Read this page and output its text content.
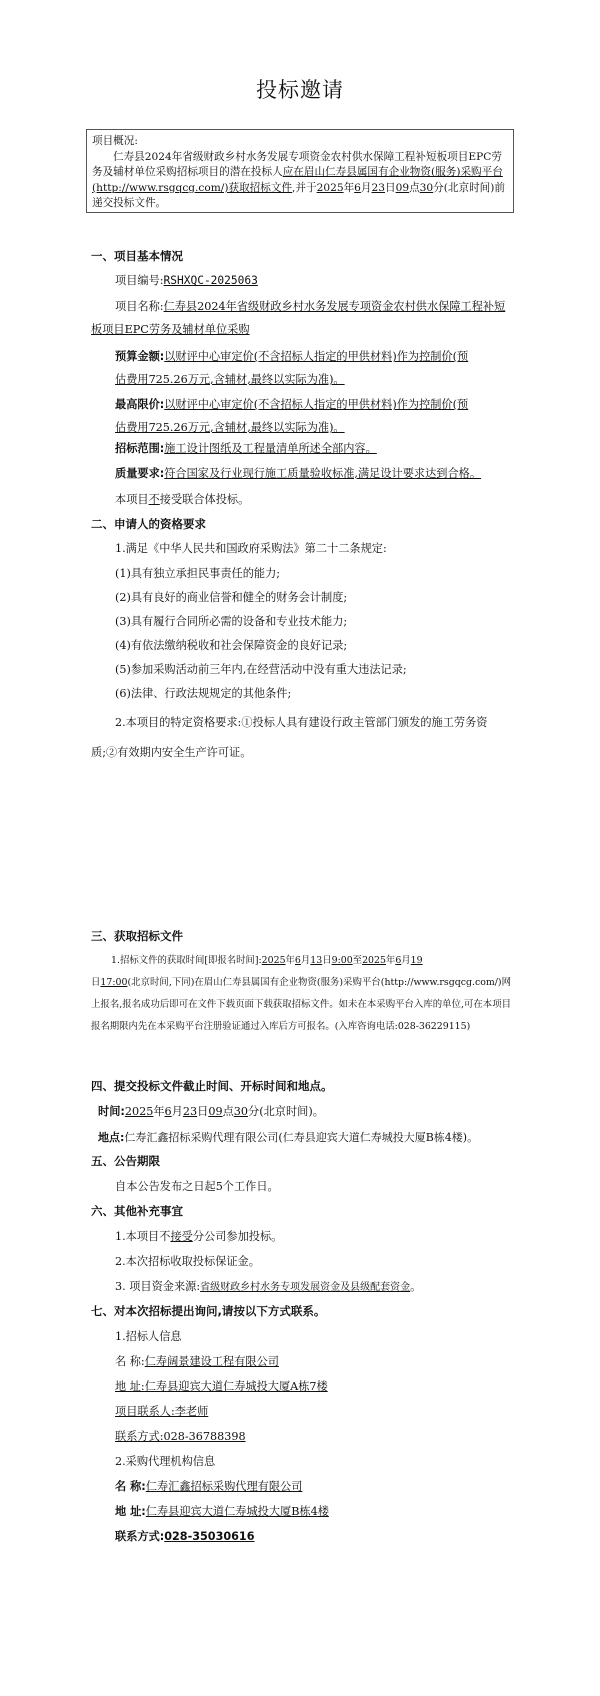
投标邀请
项目概况:
仁寿县2024年省级财政乡村水务发展专项资金农村供水保障工程补短板项目EPC劳务及辅材单位采购招标项目的潜在投标人应在眉山仁寿县属国有企业物资(服务)采购平台(http://www.rsgqcg.com/)获取招标文件,并于2025年6月23日09点30分(北京时间)前递交投标文件。
一、项目基本情况
项目编号:RSHXQC-2025063
项目名称:仁寿县2024年省级财政乡村水务发展专项资金农村供水保障工程补短板项目EPC劳务及辅材单位采购
预算金额:以财评中心审定价(不含招标人指定的甲供材料)作为控制价(预估费用725.26万元,含辅材,最终以实际为准)。
最高限价:以财评中心审定价(不含招标人指定的甲供材料)作为控制价(预估费用725.26万元,含辅材,最终以实际为准)。
招标范围:施工设计图纸及工程量清单所述全部内容。
质量要求:符合国家及行业现行施工质量验收标准,满足设计要求达到合格。
本项目不接受联合体投标。
二、申请人的资格要求
1.满足《中华人民共和国政府采购法》第二十二条规定:
(1)具有独立承担民事责任的能力;
(2)具有良好的商业信誉和健全的财务会计制度;
(3)具有履行合同所必需的设备和专业技术能力;
(4)有依法缴纳税收和社会保障资金的良好记录;
(5)参加采购活动前三年内,在经营活动中没有重大违法记录;
(6)法律、行政法规规定的其他条件;
2.本项目的特定资格要求:①投标人具有建设行政主管部门颁发的施工劳务资质;②有效期内安全生产许可证。
三、获取招标文件
1.招标文件的获取时间[即报名时间]:2025年6月13日9:00至2025年6月19
日17:00(北京时间,下同)在眉山仁寿县属国有企业物资(服务)采购平台(http://www.rsgqcg.com/)网上报名,报名成功后即可在文件下载页面下载获取招标文件。如未在本采购平台入库的单位,可在本项目报名期限内先在本采购平台注册验证通过入库后方可报名。(入库咨询电话:028-36229115)
四、提交投标文件截止时间、开标时间和地点。
时间:2025年6月23日09点30分(北京时间)。
地点:仁寿汇鑫招标采购代理有限公司(仁寿县迎宾大道仁寿城投大厦B栋4楼)。
五、公告期限
自本公告发布之日起5个工作日。
六、其他补充事宜
1.本项目不接受分公司参加投标。
2.本次招标收取投标保证金。
3. 项目资金来源:省级财政乡村水务专项发展资金及县级配套资金。
七、对本次招标提出询问,请按以下方式联系。
1.招标人信息
名 称:仁寿阔景建设工程有限公司
地 址:仁寿县迎宾大道仁寿城投大厦A栋7楼
项目联系人:李老师
联系方式:028-36788398
2.采购代理机构信息
名 称:仁寿汇鑫招标采购代理有限公司
地 址:仁寿县迎宾大道仁寿城投大厦B栋4楼
联系方式:028-35030616
